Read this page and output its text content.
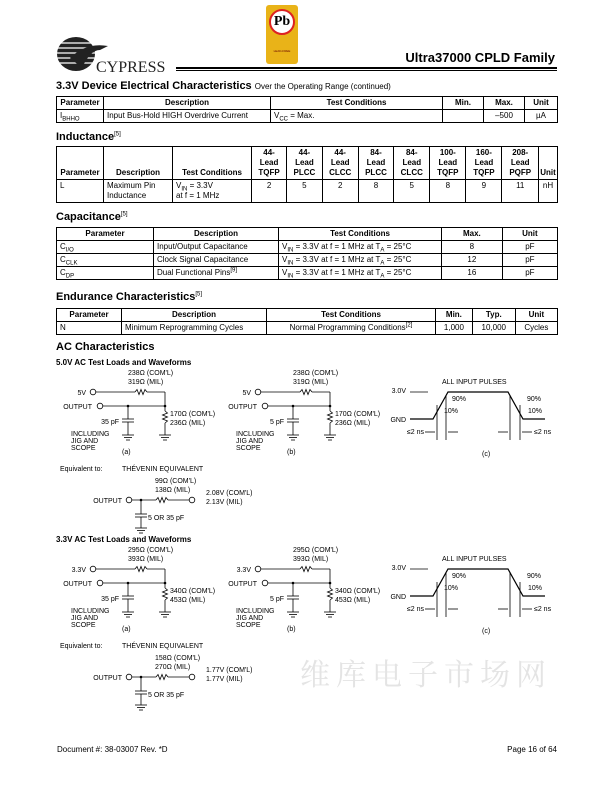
维库电子市场网
CYPRESS
Pb
LEAD-FREE	Ultra37000 CPLD Family
3.3V Device Electrical Characteristics Over the Operating Range (continued)
Parameter	Description	Test Conditions	Min.	Max.	Unit
$I_{BHHO}$	Input Bus-Hold HIGH Overdrive Current	$V_{CC}$ = Max.		–500	µA
Inductance[5]
Parameter	Description	Test Conditions	44-Lead TQFP	44-Lead PLCC	44-Lead CLCC	84-Lead PLCC	84-Lead CLCC	100-Lead TQFP	160-Lead TQFP	208-Lead PQFP	Unit
L	Maximum Pin Inductance	$V_{IN} = 3.3V$
at f = 1 MHz	2	5	2	8	5	8	9	11	nH
Capacitance[5]
Parameter	Description	Test Conditions	Max.	Unit
$C_{I/O}$	Input/Output Capacitance	$V_{IN} = 3.3V$ at f = 1 MHz at $T_A = 25^\circ C$	8	pF
$C_{CLK}$	Clock Signal Capacitance	$V_{IN} = 3.3V$ at f = 1 MHz at $T_A = 25^\circ C$	12	pF
$C_{DP}$	Dual Functional Pins[9]	$V_{IN} = 3.3V$ at f = 1 MHz at $T_A = 25^\circ C$	16	pF
Endurance Characteristics[5]
Parameter	Description	Test Conditions	Min.	Typ.	Unit
N	Minimum Reprogramming Cycles	Normal Programming Conditions[2]	1,000	10,000	Cycles
AC Characteristics
5.0V AC Test Loads and Waveforms
238Ω (COM'L)
319Ω (MIL)
5V
OUTPUT
35 pF
170Ω (COM'L)
236Ω (MIL)
INCLUDING
JIG AND
SCOPE
(a)
238Ω (COM'L)
319Ω (MIL)
5V
OUTPUT
5 pF
170Ω (COM'L)
236Ω (MIL)
INCLUDING
JIG AND
SCOPE
(b)
ALL INPUT PULSES
3.0V
GND
90%
10%
90%
10%
≤2 ns	≤2 ns
(c)
Equivalent to:	THÉVENIN EQUIVALENT
99Ω (COM'L)
138Ω (MIL)
OUTPUT
2.08V (COM'L)
2.13V (MIL)
5 OR 35 pF
3.3V AC Test Loads and Waveforms
295Ω (COM'L)
393Ω (MIL)
3.3V
OUTPUT
35 pF
340Ω (COM'L)
453Ω (MIL)
INCLUDING
JIG AND
SCOPE
(a)
295Ω (COM'L)
393Ω (MIL)
3.3V
OUTPUT
5 pF
340Ω (COM'L)
453Ω (MIL)
INCLUDING
JIG AND
SCOPE
(b)
ALL INPUT PULSES
3.0V
GND
90%
10%
90%
10%
≤2 ns	≤2 ns
(c)
Equivalent to:	THÉVENIN EQUIVALENT
158Ω (COM'L)
270Ω (MIL)
OUTPUT
1.77V (COM'L)
1.77V (MIL)
5 OR 35 pF
Document #: 38-03007 Rev. *D	Page 16 of 64
